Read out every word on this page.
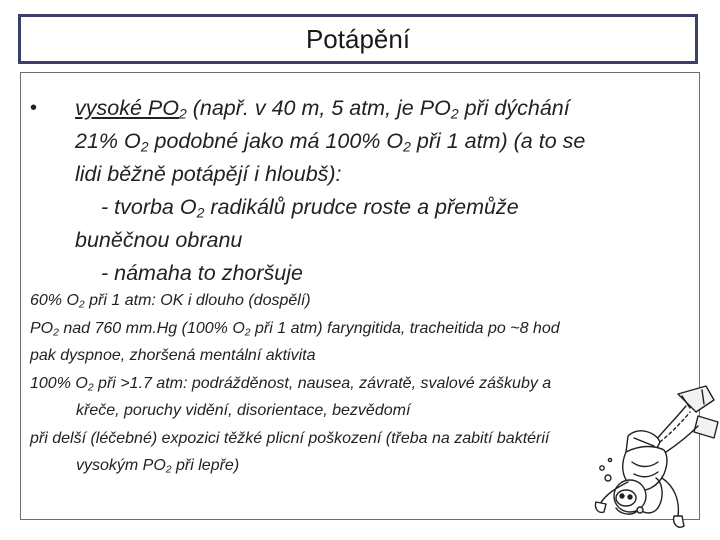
Potápění
• vysoké $PO_2$ (např. v 40 m, 5 atm, je $PO_2$ při dýchání
21% $O_2$ podobné jako má 100% $O_2$ při 1 atm) (a to se
lidi běžně potápějí i hloubš):
- tvorba $O_2$ radikálů prudce roste a přemůže
buněčnou obranu
- námaha to zhoršuje
60% $O_2$ při 1 atm: OK i dlouho (dospělí)
$PO_2$ nad 760 mm.Hg (100% $O_2$ při 1 atm) faryngitida, tracheitida po ~8 hod
pak dyspnoe, zhoršená mentální aktivita
100% $O_2$ při >1.7 atm: podrážděnost, nausea, závratě, svalové záškuby a
křeče, poruchy vidění, disorientace, bezvědomí
při delší (léčebné) expozici těžké plicní poškození (třeba na zabití baktérií
vysokým $PO_2$ při lepře)
